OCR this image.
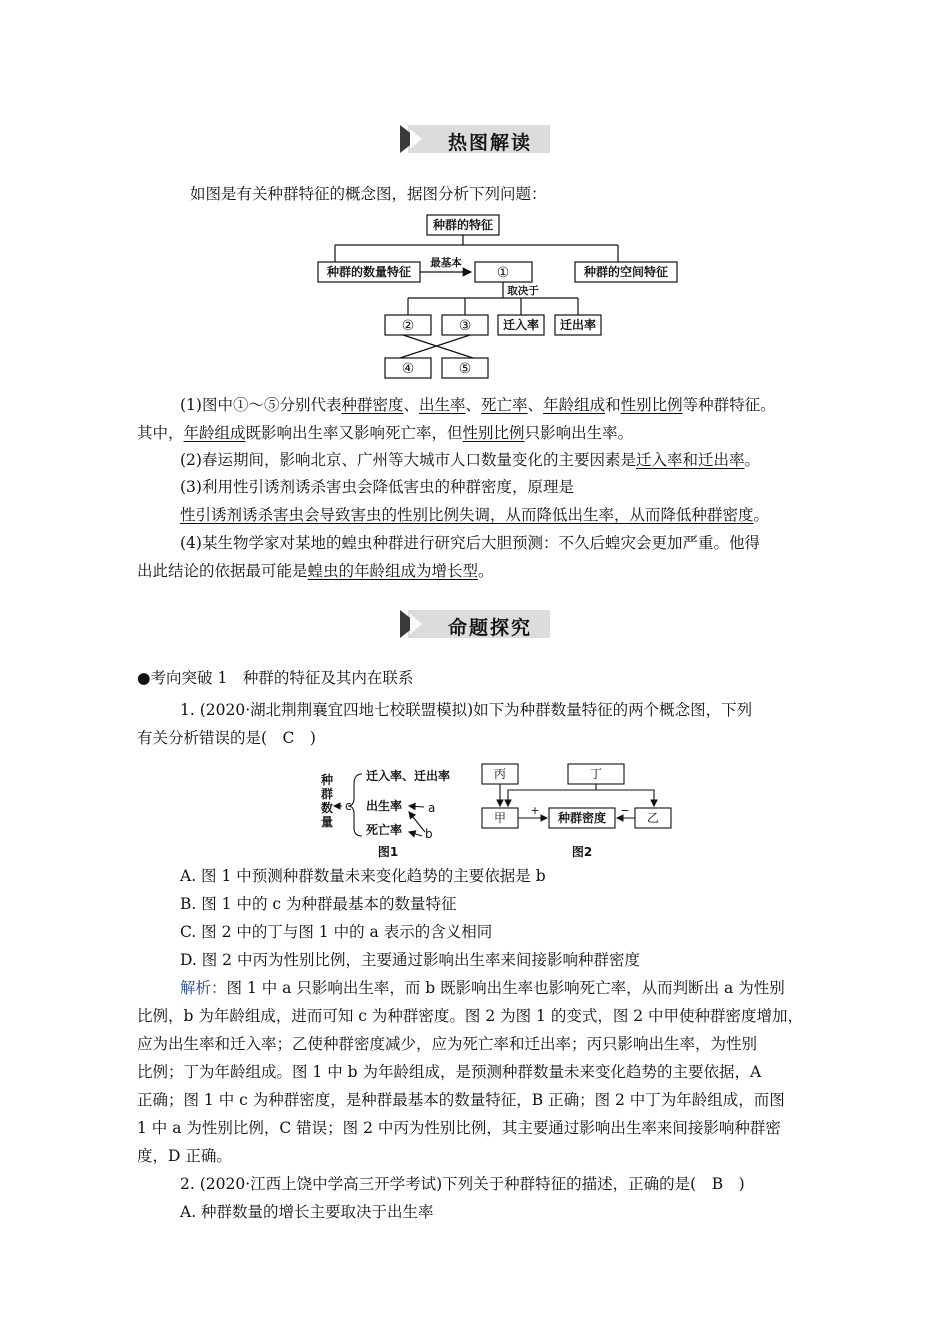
热图解读
如图是有关种群特征的概念图，据图分析下列问题：
种群的特征
种群的数量特征	种群的空间特征
最基本
①
取决于
②	③	迁入率 迁出率
④	⑤
(1)图中①～⑤分别代表种群密度、出生率、死亡率、年龄组成和性别比例等种群特征。
其中，年龄组成既影响出生率又影响死亡率，但性别比例只影响出生率。
(2)春运期间，影响北京、广州等大城市人口数量变化的主要因素是迁入率和迁出率。
(3)利用性引诱剂诱杀害虫会降低害虫的种群密度，原理是
性引诱剂诱杀害虫会导致害虫的性别比例失调，从而降低出生率，从而降低种群密度。
(4)某生物学家对某地的蝗虫种群进行研究后大胆预测：不久后蝗灾会更加严重。他得
出此结论的依据最可能是蝗虫的年龄组成为增长型。
命题探究
●考向突破 1　种群的特征及其内在联系
1. (2020·湖北荆荆襄宜四地七校联盟模拟)如下为种群数量特征的两个概念图，下列
有关分析错误的是(　C　)
种
群
数
量
c
迁入率、迁出率
出生率 a
死亡率 b
图1
丙	丁
甲	种群密度	乙
+	−
图2
A. 图 1 中预测种群数量未来变化趋势的主要依据是 b
B. 图 1 中的 c 为种群最基本的数量特征
C. 图 2 中的丁与图 1 中的 a 表示的含义相同
D. 图 2 中丙为性别比例，主要通过影响出生率来间接影响种群密度
解析：图 1 中 a 只影响出生率，而 b 既影响出生率也影响死亡率，从而判断出 a 为性别
比例，b 为年龄组成，进而可知 c 为种群密度。图 2 为图 1 的变式，图 2 中甲使种群密度增加，
应为出生率和迁入率；乙使种群密度减少，应为死亡率和迁出率；丙只影响出生率，为性别
比例；丁为年龄组成。图 1 中 b 为年龄组成，是预测种群数量未来变化趋势的主要依据，A
正确；图 1 中 c 为种群密度，是种群最基本的数量特征，B 正确；图 2 中丁为年龄组成，而图
1 中 a 为性别比例，C 错误；图 2 中丙为性别比例，其主要通过影响出生率来间接影响种群密
度，D 正确。
2. (2020·江西上饶中学高三开学考试)下列关于种群特征的描述，正确的是(　B　)
A. 种群数量的增长主要取决于出生率
